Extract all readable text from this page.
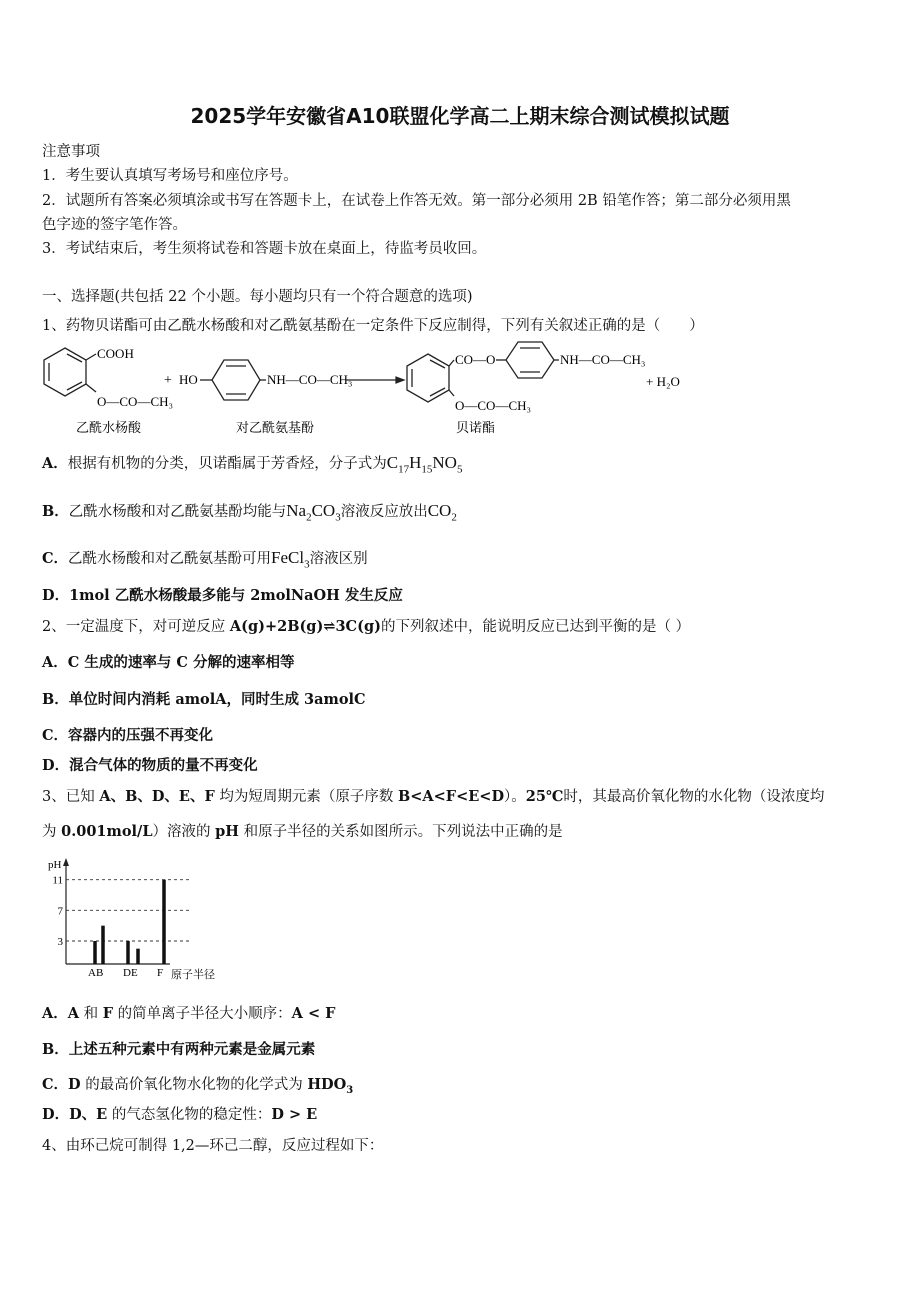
2025学年安徽省A10联盟化学高二上期末综合测试模拟试题
注意事项
1．考生要认真填写考场号和座位序号。
2．试题所有答案必须填涂或书写在答题卡上，在试卷上作答无效。第一部分必须用 2B 铅笔作答；第二部分必须用黑
色字迹的签字笔作答。
3．考试结束后，考生须将试卷和答题卡放在桌面上，待监考员收回。
一、选择题(共包括 22 个小题。每小题均只有一个符合题意的选项)
1、药物贝诺酯可由乙酰水杨酸和对乙酰氨基酚在一定条件下反应制得，下列有关叙述正确的是（　　）
COOH
O—CO—CH₃
+ HO	NH—CO—CH₃
CO—O	NH—CO—CH₃
O—CO—CH₃
+ H₂O
乙酰水杨酸	对乙酰氨基酚	贝诺酯
A．根据有机物的分类，贝诺酯属于芳香烃，分子式为$C_{17}H_{15}NO_5$
B．乙酰水杨酸和对乙酰氨基酚均能与$Na_2CO_3$溶液反应放出$CO_2$
C．乙酰水杨酸和对乙酰氨基酚可用FeCl$_3$溶液区别
D．1mol 乙酰水杨酸最多能与 2molNaOH 发生反应
2、一定温度下，对可逆反应 A(g)+2B(g)⇌3C(g)的下列叙述中，能说明反应已达到平衡的是（ ）
A．C 生成的速率与 C 分解的速率相等
B．单位时间内消耗 amolA，同时生成 3amolC
C．容器内的压强不再变化
D．混合气体的物质的量不再变化
3、已知 A、B、D、E、F 均为短周期元素（原子序数 B<A<F<E<D）。25℃时，其最高价氧化物的水化物（设浓度均
为 0.001mol/L）溶液的 pH 和原子半径的关系如图所示。下列说法中正确的是
pH
11
7
3
AB DE F 原子半径
A．A 和 F 的简单离子半径大小顺序：A < F
B．上述五种元素中有两种元素是金属元素
C．D 的最高价氧化物水化物的化学式为 $HDO_3$
D．D、E 的气态氢化物的稳定性：D > E
4、由环己烷可制得 1,2—环己二醇，反应过程如下：
